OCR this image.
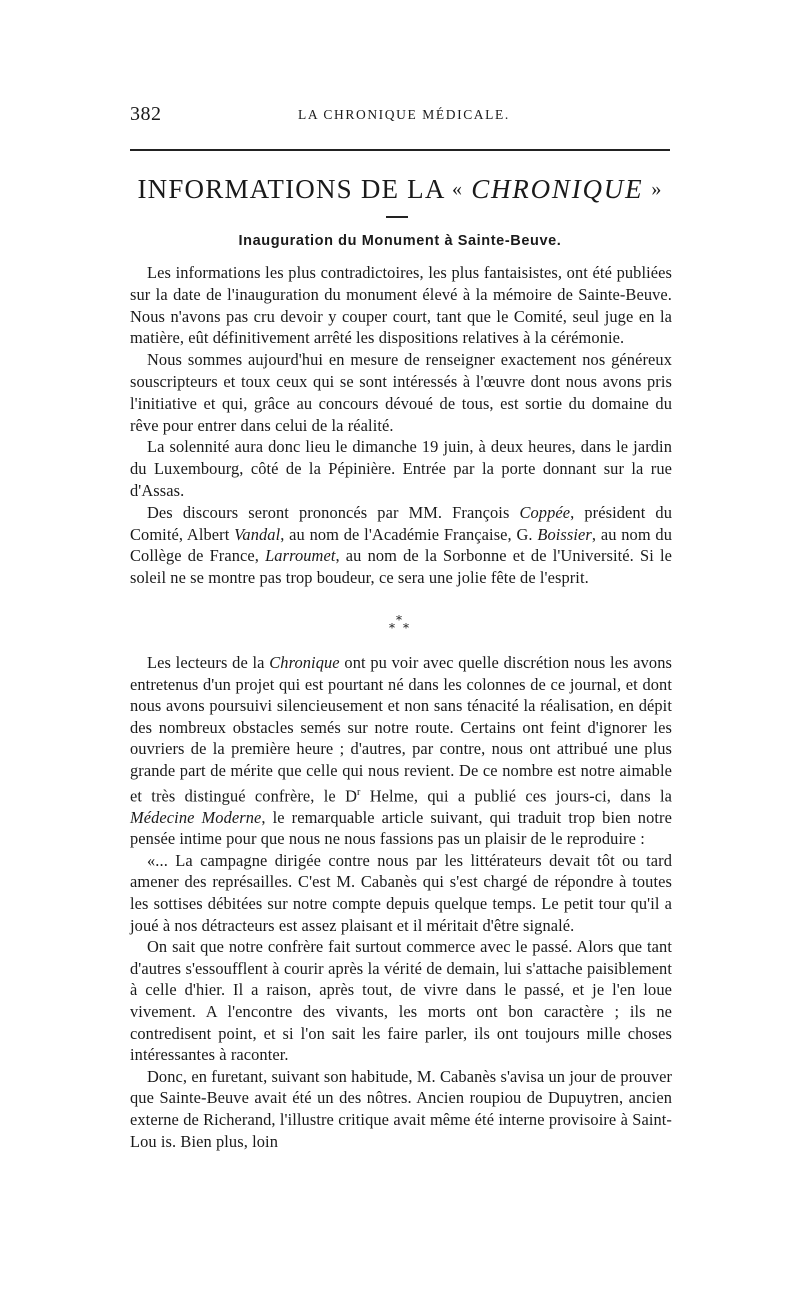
382	LA CHRONIQUE MÉDICALE.
INFORMATIONS DE LA « CHRONIQUE »
Inauguration du Monument à Sainte-Beuve.

Les informations les plus contradictoires, les plus fantaisistes, ont été publiées sur la date de l'inauguration du monument élevé à la mémoire de Sainte-Beuve. Nous n'avons pas cru devoir y couper court, tant que le Comité, seul juge en la matière, eût définitivement arrêté les dispositions relatives à la cérémonie.

Nous sommes aujourd'hui en mesure de renseigner exactement nos généreux souscripteurs et toux ceux qui se sont intéressés à l'œuvre dont nous avons pris l'initiative et qui, grâce au concours dévoué de tous, est sortie du domaine du rêve pour entrer dans celui de la réalité.

La solennité aura donc lieu le dimanche 19 juin, à deux heures, dans le jardin du Luxembourg, côté de la Pépinière. Entrée par la porte donnant sur la rue d'Assas.

Des discours seront prononcés par MM. François Coppée, président du Comité, Albert Vandal, au nom de l'Académie Française, G. Boissier, au nom du Collège de France, Larroumet, au nom de la Sorbonne et de l'Université. Si le soleil ne se montre pas trop boudeur, ce sera une jolie fête de l'esprit.

*
* *

Les lecteurs de la Chronique ont pu voir avec quelle discrétion nous les avons entretenus d'un projet qui est pourtant né dans les colonnes de ce journal, et dont nous avons poursuivi silencieusement et non sans ténacité la réalisation, en dépit des nombreux obstacles semés sur notre route. Certains ont feint d'ignorer les ouvriers de la première heure ; d'autres, par contre, nous ont attribué une plus grande part de mérite que celle qui nous revient. De ce nombre est notre aimable et très distingué confrère, le $D^r$ Helme, qui a publié ces jours-ci, dans la Médecine Moderne, le remarquable article suivant, qui traduit trop bien notre pensée intime pour que nous ne nous fassions pas un plaisir de le reproduire :

«... La campagne dirigée contre nous par les littérateurs devait tôt ou tard amener des représailles. C'est M. Cabanès qui s'est chargé de répondre à toutes les sottises débitées sur notre compte depuis quelque temps. Le petit tour qu'il a joué à nos détracteurs est assez plaisant et il méritait d'être signalé.

On sait que notre confrère fait surtout commerce avec le passé. Alors que tant d'autres s'essoufflent à courir après la vérité de demain, lui s'attache paisiblement à celle d'hier. Il a raison, après tout, de vivre dans le passé, et je l'en loue vivement. A l'encontre des vivants, les morts ont bon caractère ; ils ne contredisent point, et si l'on sait les faire parler, ils ont toujours mille choses intéressantes à raconter.

Donc, en furetant, suivant son habitude, M. Cabanès s'avisa un jour de prouver que Sainte-Beuve avait été un des nôtres. Ancien roupiou de Dupuytren, ancien externe de Richerand, l'illustre critique avait même été interne provisoire à Saint-Lou is. Bien plus, loin
